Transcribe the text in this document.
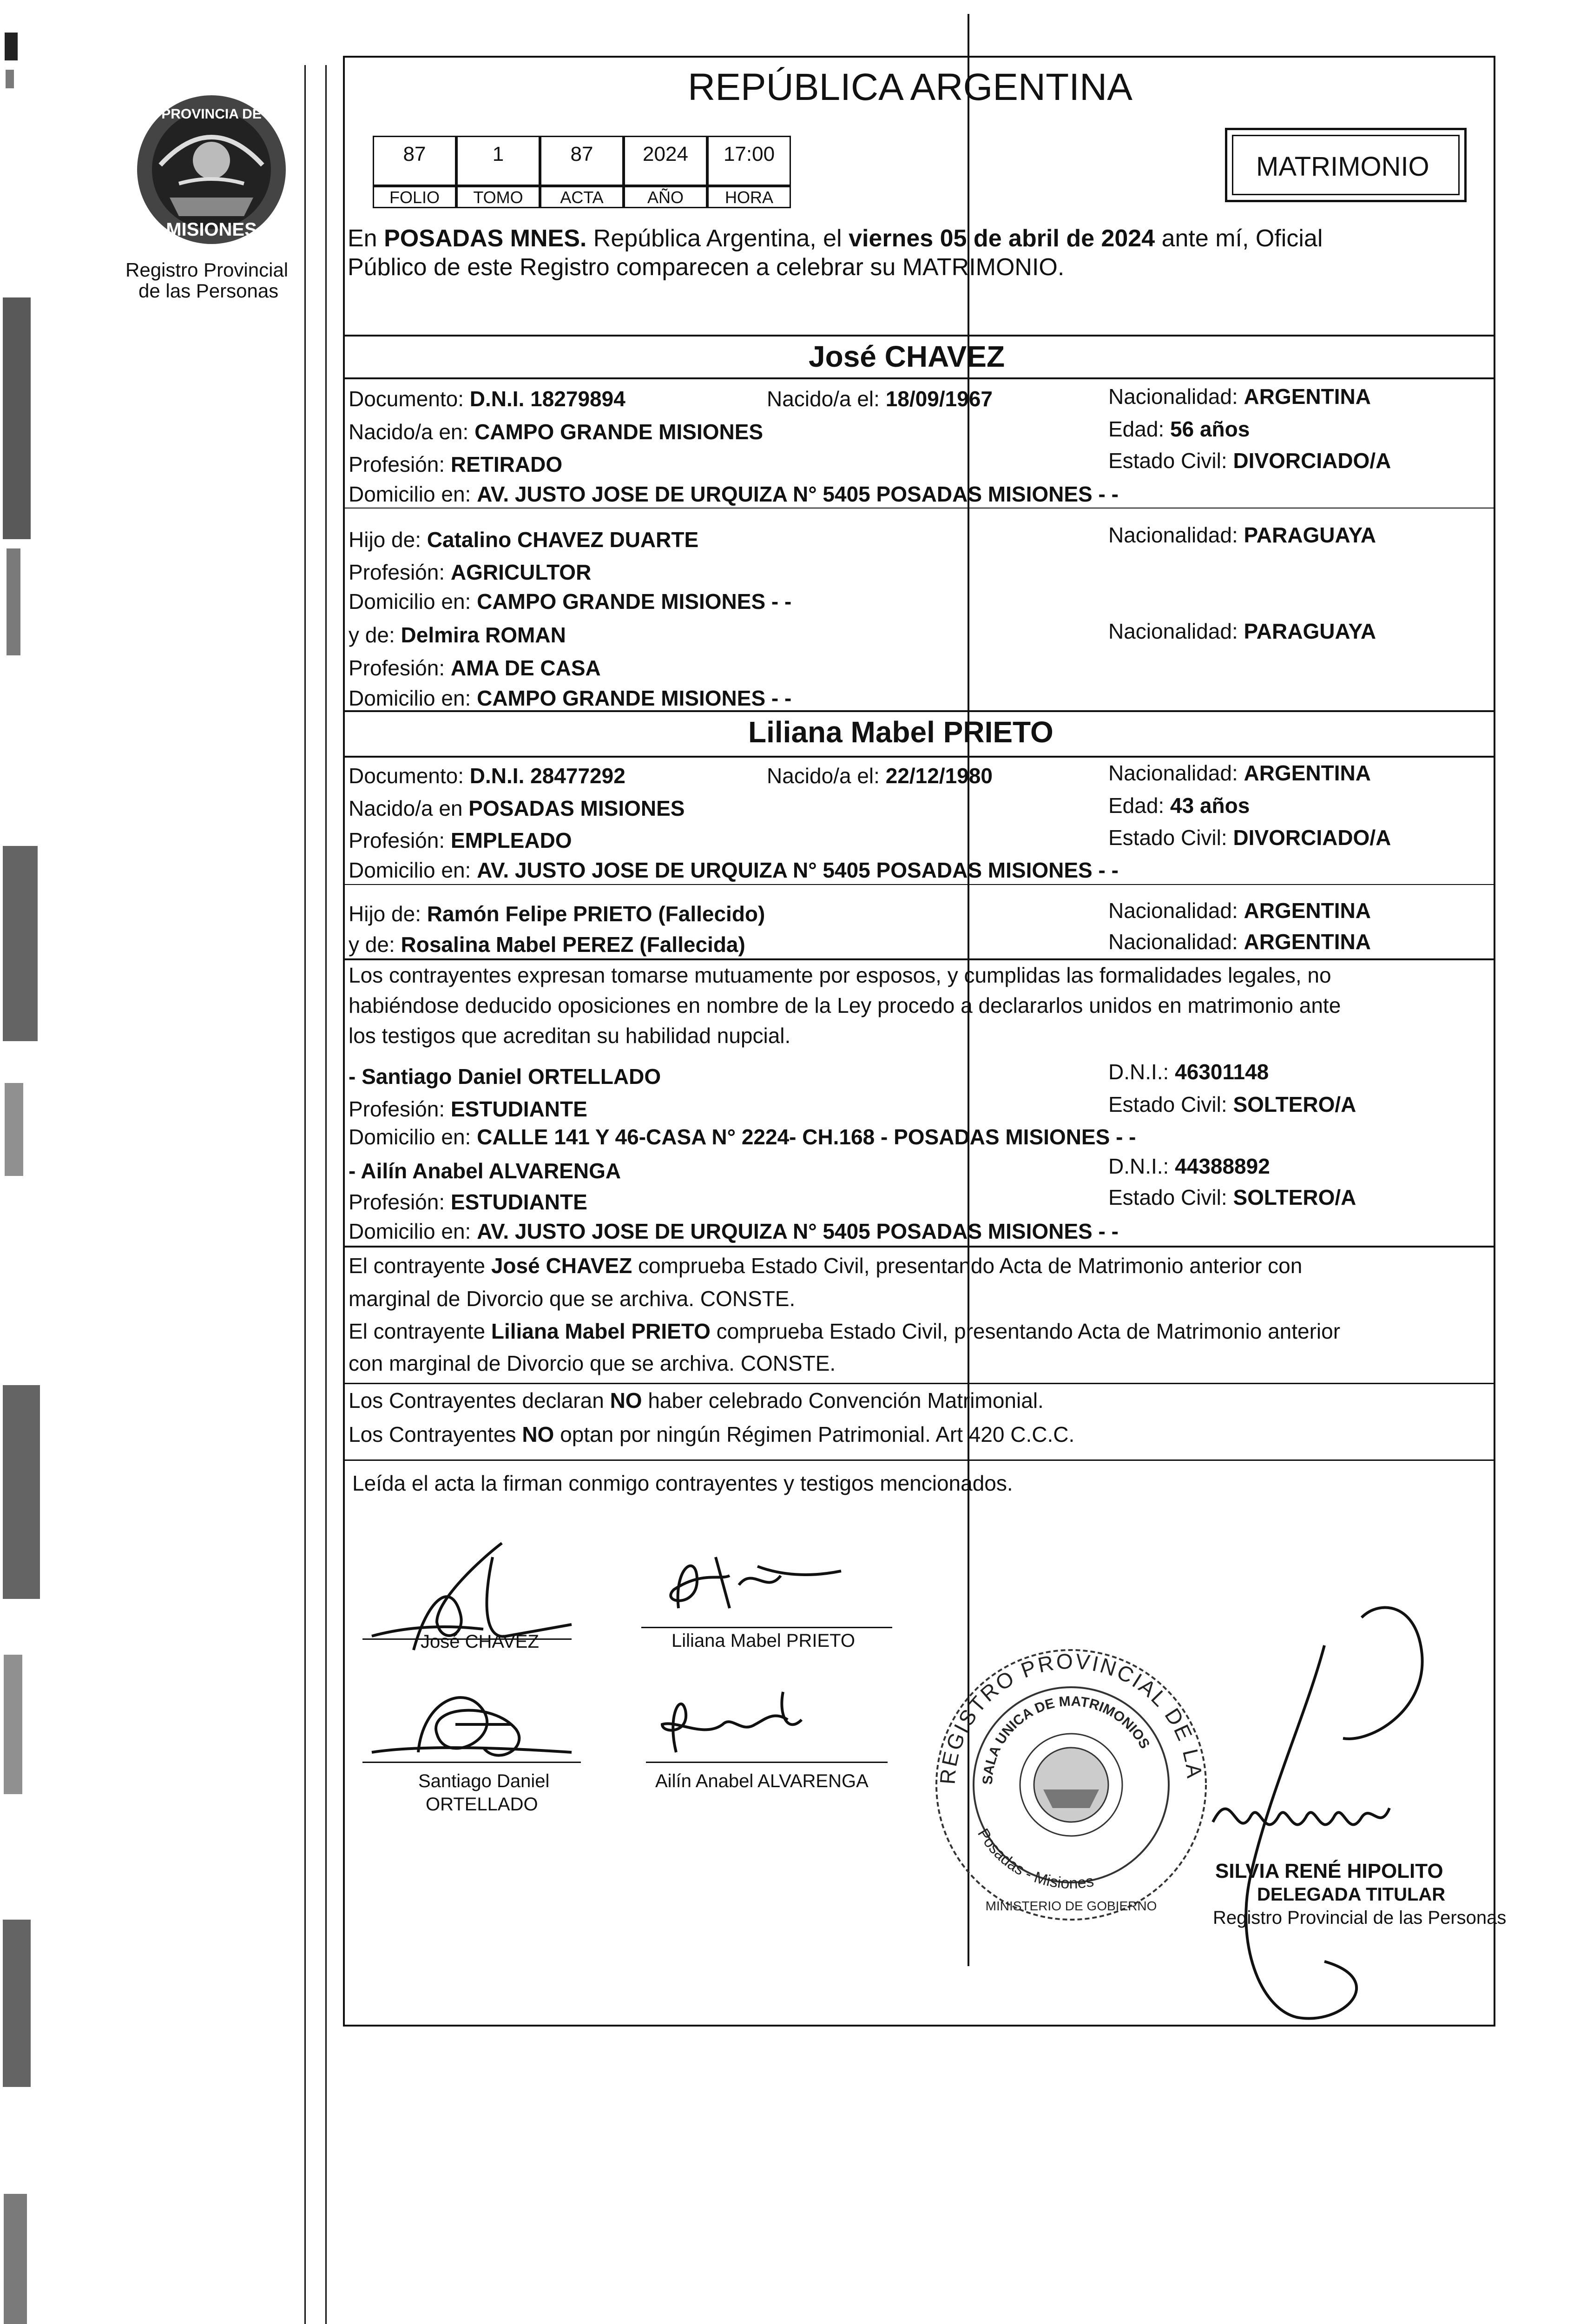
PROVINCIA DE
MISIONES
Registro Provincial
de las Personas
REPÚBLICA ARGENTINA
MATRIMONIO
87	1	87	2024	17:00
FOLIO	TOMO	ACTA	AÑO	HORA
En POSADAS MNES. República Argentina, el viernes 05 de abril de 2024 ante mí, Oficial
Público de este Registro comparecen a celebrar su MATRIMONIO.
José CHAVEZ
Documento: D.N.I. 18279894	Nacido/a el: 18/09/1967	Nacionalidad: ARGENTINA
Nacido/a en: CAMPO GRANDE MISIONES	Edad: 56 años
Profesión: RETIRADO	Estado Civil: DIVORCIADO/A
Domicilio en: AV. JUSTO JOSE DE URQUIZA N° 5405 POSADAS MISIONES - -
Hijo de: Catalino CHAVEZ DUARTE	Nacionalidad: PARAGUAYA
Profesión: AGRICULTOR
Domicilio en: CAMPO GRANDE MISIONES - -
y de: Delmira ROMAN	Nacionalidad: PARAGUAYA
Profesión: AMA DE CASA
Domicilio en: CAMPO GRANDE MISIONES - -
Liliana Mabel PRIETO
Documento: D.N.I. 28477292	Nacido/a el: 22/12/1980	Nacionalidad: ARGENTINA
Nacido/a en POSADAS MISIONES	Edad: 43 años
Profesión: EMPLEADO	Estado Civil: DIVORCIADO/A
Domicilio en: AV. JUSTO JOSE DE URQUIZA N° 5405 POSADAS MISIONES - -
Hijo de: Ramón Felipe PRIETO (Fallecido)	Nacionalidad: ARGENTINA
y de: Rosalina Mabel PEREZ (Fallecida)	Nacionalidad: ARGENTINA
Los contrayentes expresan tomarse mutuamente por esposos, y cumplidas las formalidades legales, no
habiéndose deducido oposiciones en nombre de la Ley procedo a declararlos unidos en matrimonio ante
los testigos que acreditan su habilidad nupcial.
- Santiago Daniel ORTELLADO	D.N.I.: 46301148
Profesión: ESTUDIANTE	Estado Civil: SOLTERO/A
Domicilio en: CALLE 141 Y 46-CASA N° 2224- CH.168 - POSADAS MISIONES - -
- Ailín Anabel ALVARENGA	D.N.I.: 44388892
Profesión: ESTUDIANTE	Estado Civil: SOLTERO/A
Domicilio en: AV. JUSTO JOSE DE URQUIZA N° 5405 POSADAS MISIONES - -
El contrayente José CHAVEZ comprueba Estado Civil, presentando Acta de Matrimonio anterior con
marginal de Divorcio que se archiva. CONSTE.
El contrayente Liliana Mabel PRIETO comprueba Estado Civil, presentando Acta de Matrimonio anterior
con marginal de Divorcio que se archiva. CONSTE.
Los Contrayentes declaran NO haber celebrado Convención Matrimonial.
Los Contrayentes NO optan por ningún Régimen Patrimonial. Art 420 C.C.C.
Leída el acta la firman conmigo contrayentes y testigos mencionados.
José CHAVEZ	Liliana Mabel PRIETO
Santiago Daniel
ORTELLADO
Ailín Anabel ALVARENGA	REGISTRO PROVINCIAL DE LA
SALA UNICA DE MATRIMONIOS
Posadas - Misiones
MINISTERIO DE GOBIERNO
SILVIA RENÉ HIPOLITO
DELEGADA TITULAR
Registro Provincial de las Personas
